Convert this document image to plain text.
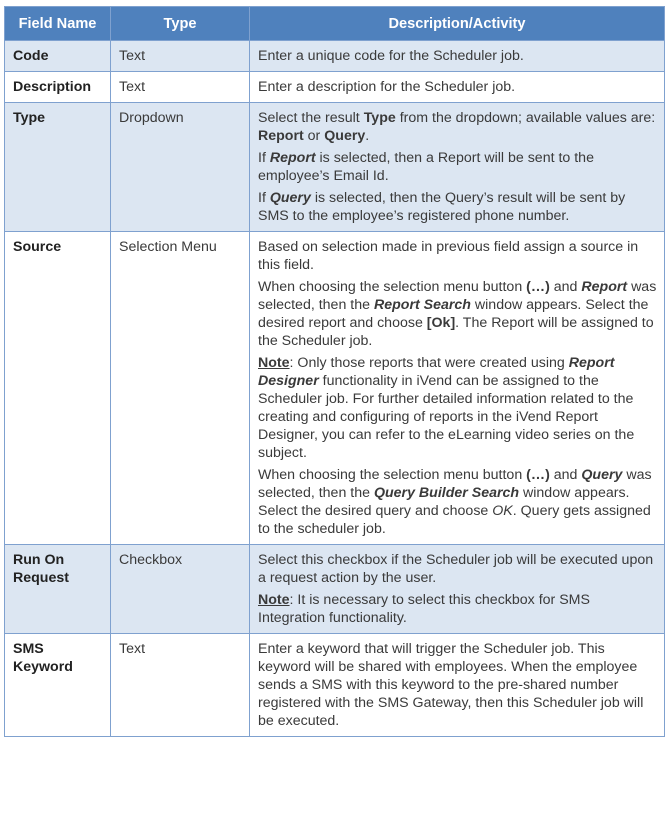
Field Name	Type	Description/Activity
Code	Text	Enter a unique code for the Scheduler job.

Description	Text	Enter a description for the Scheduler job.

Type	Dropdown	Select the result Type from the dropdown; available values are: Report or Query.

If Report is selected, then a Report will be sent to the employee’s Email Id.

If Query is selected, then the Query’s result will be sent by SMS to the employee’s registered phone number.

Source	Selection Menu	Based on selection made in previous field assign a source in this field.

When choosing the selection menu button (…) and Report was selected, then the Report Search window appears. Select the desired report and choose [Ok]. The Report will be assigned to the Scheduler job.

Note: Only those reports that were created using Report Designer functionality in iVend can be assigned to the Scheduler job. For further detailed information related to the creating and configuring of reports in the iVend Report Designer, you can refer to the eLearning video series on the subject.

When choosing the selection menu button (…) and Query was selected, then the Query Builder Search window appears. Select the desired query and choose OK. Query gets assigned to the scheduler job.

Run On Request	Checkbox	Select this checkbox if the Scheduler job will be executed upon a request action by the user.

Note: It is necessary to select this checkbox for SMS Integration functionality.

SMS Keyword	Text	Enter a keyword that will trigger the Scheduler job. This keyword will be shared with employees. When the employee sends a SMS with this keyword to the pre-shared number registered with the SMS Gateway, then this Scheduler job will be executed.
